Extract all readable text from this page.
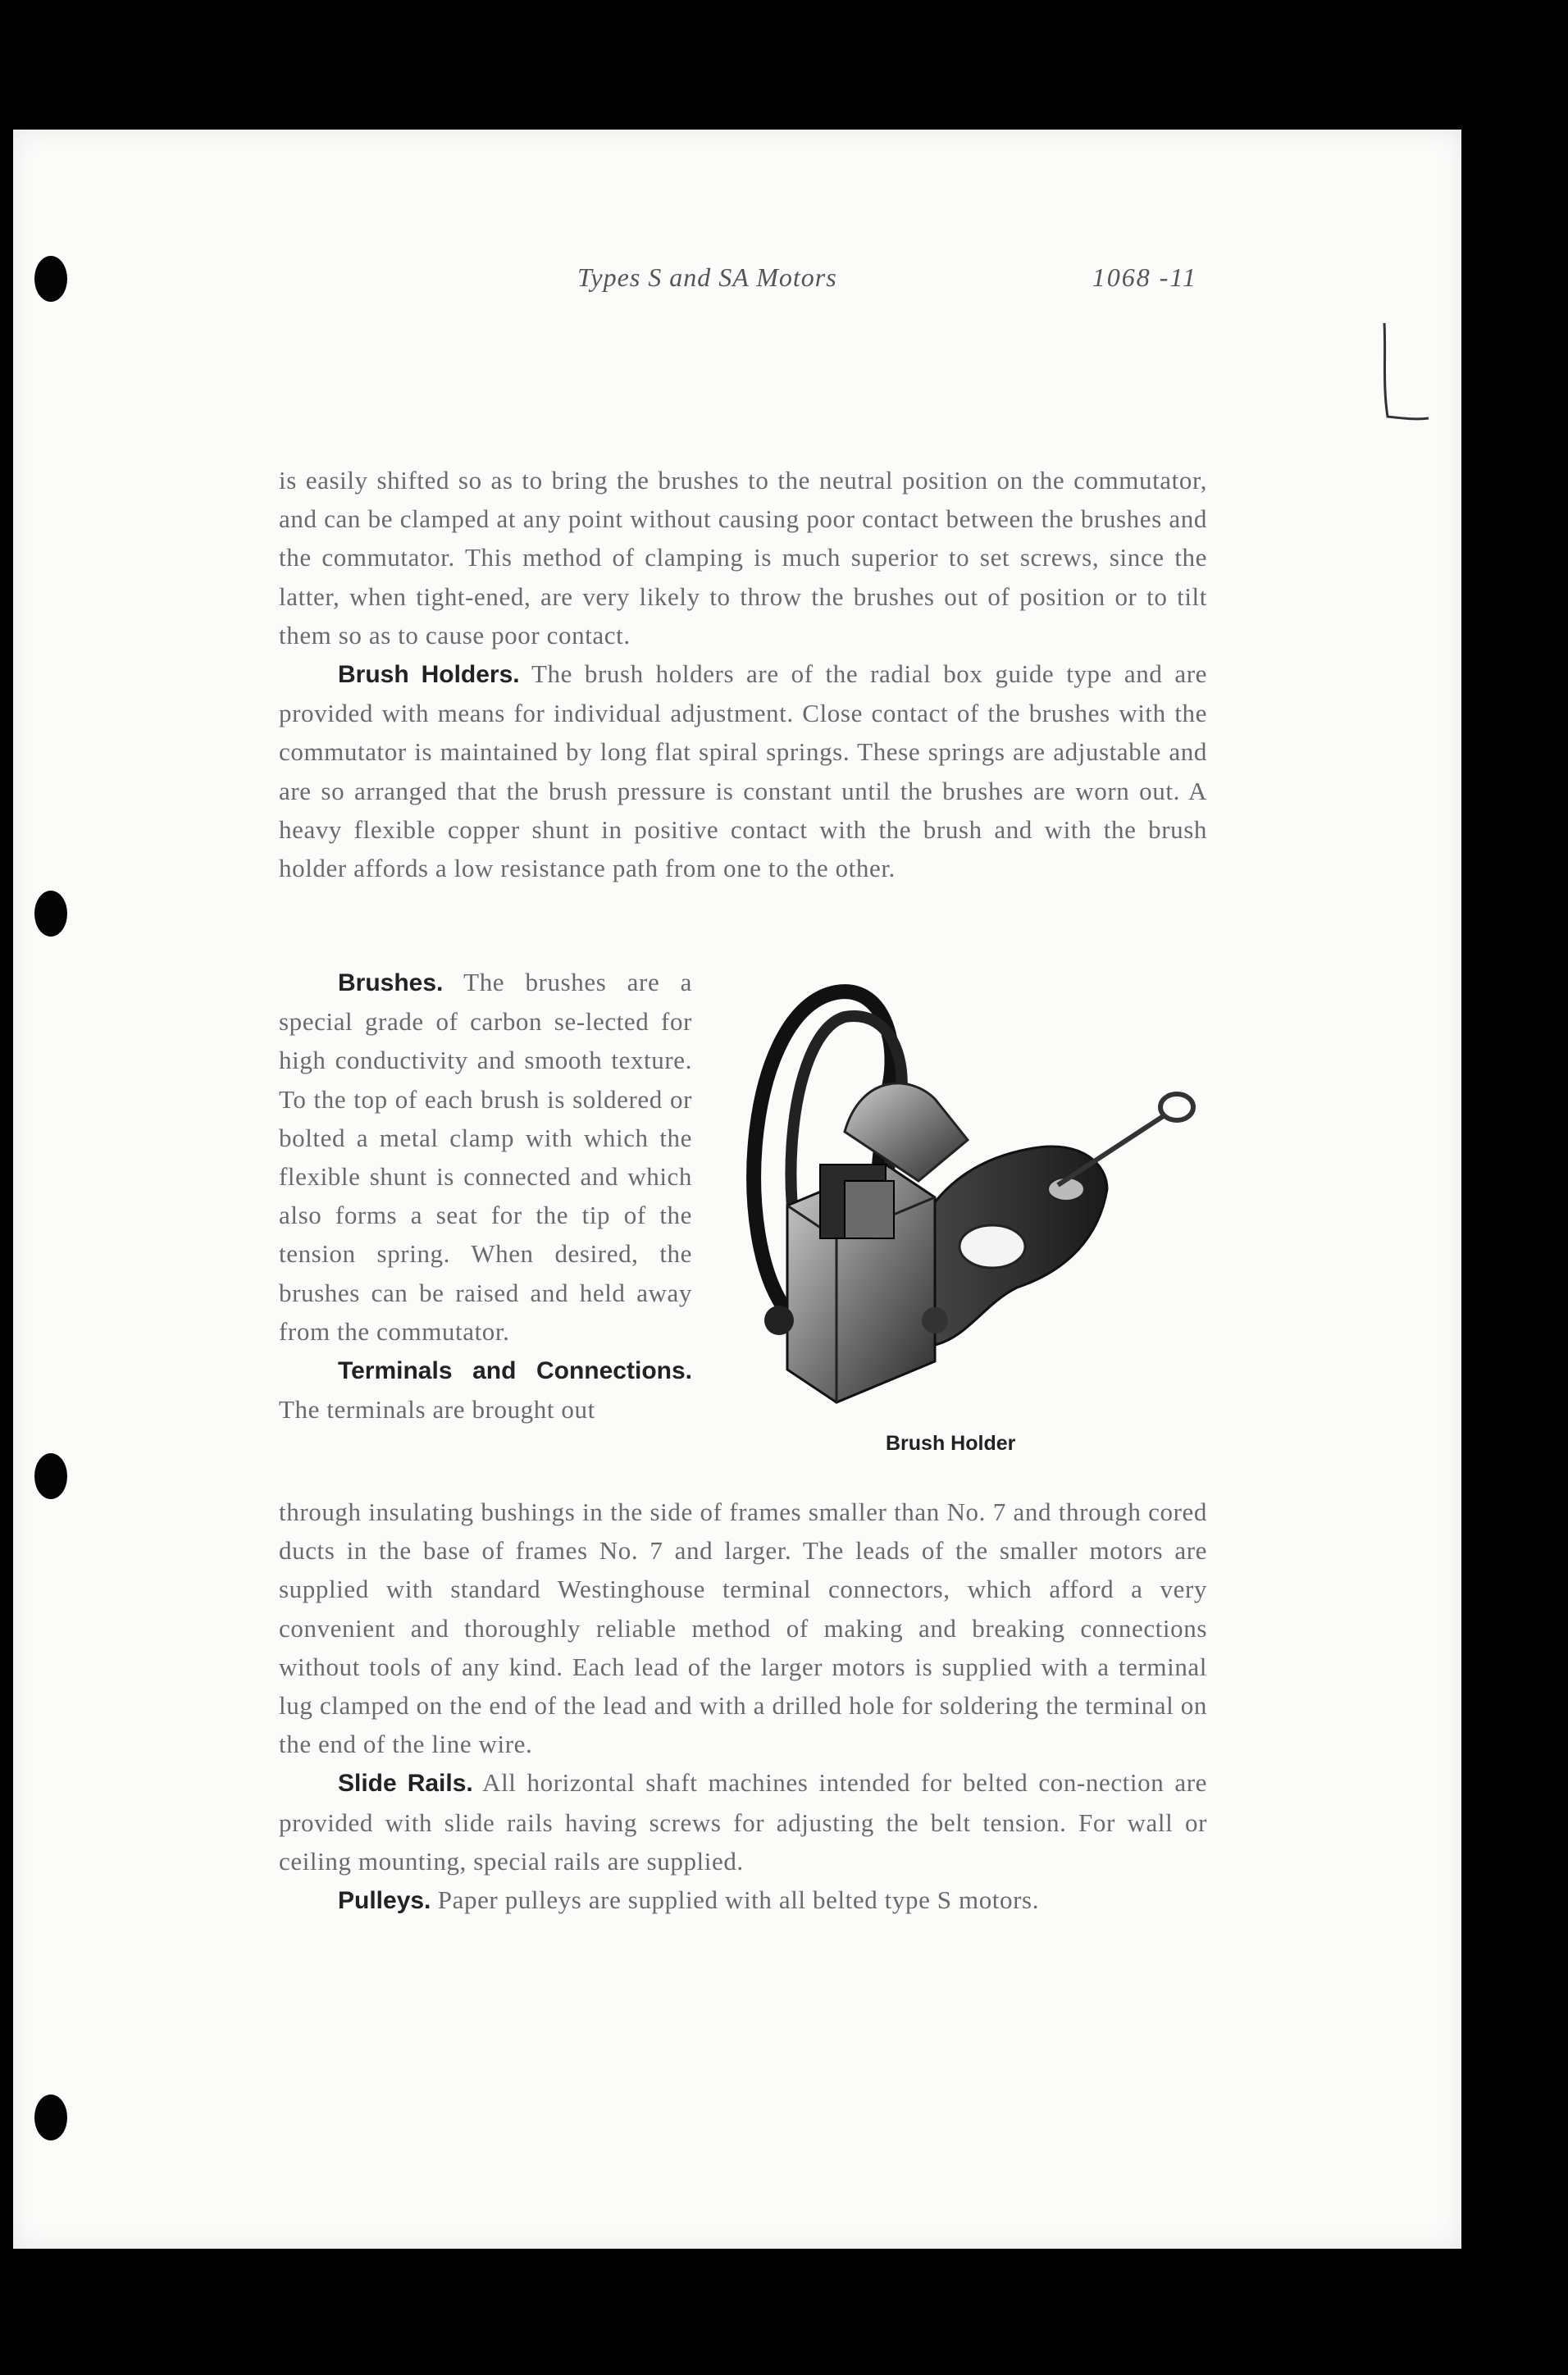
Types S and SA Motors	1068 -11

is easily shifted so as to bring the brushes to the neutral position on the commutator, and can be clamped at any point without causing poor contact between the brushes and the commutator. This method of clamping is much superior to set screws, since the latter, when tight-ened, are very likely to throw the brushes out of position or to tilt them so as to cause poor contact.

Brush Holders. The brush holders are of the radial box guide type and are provided with means for individual adjustment. Close contact of the brushes with the commutator is maintained by long flat spiral springs. These springs are adjustable and are so arranged that the brush pressure is constant until the brushes are worn out. A heavy flexible copper shunt in positive contact with the brush and with the brush holder affords a low resistance path from one to the other.

Brushes. The brushes are a special grade of carbon se-lected for high conductivity and smooth texture. To the top of each brush is soldered or bolted a metal clamp with which the flexible shunt is connected and which also forms a seat for the tip of the tension spring. When desired, the brushes can be raised and held away from the commutator.

Terminals and Connections. The terminals are brought out

Brush Holder

through insulating bushings in the side of frames smaller than No. 7 and through cored ducts in the base of frames No. 7 and larger. The leads of the smaller motors are supplied with standard Westinghouse terminal connectors, which afford a very convenient and thoroughly reliable method of making and breaking connections without tools of any kind. Each lead of the larger motors is supplied with a terminal lug clamped on the end of the lead and with a drilled hole for soldering the terminal on the end of the line wire.

Slide Rails. All horizontal shaft machines intended for belted con-nection are provided with slide rails having screws for adjusting the belt tension. For wall or ceiling mounting, special rails are supplied.

Pulleys. Paper pulleys are supplied with all belted type S motors.
